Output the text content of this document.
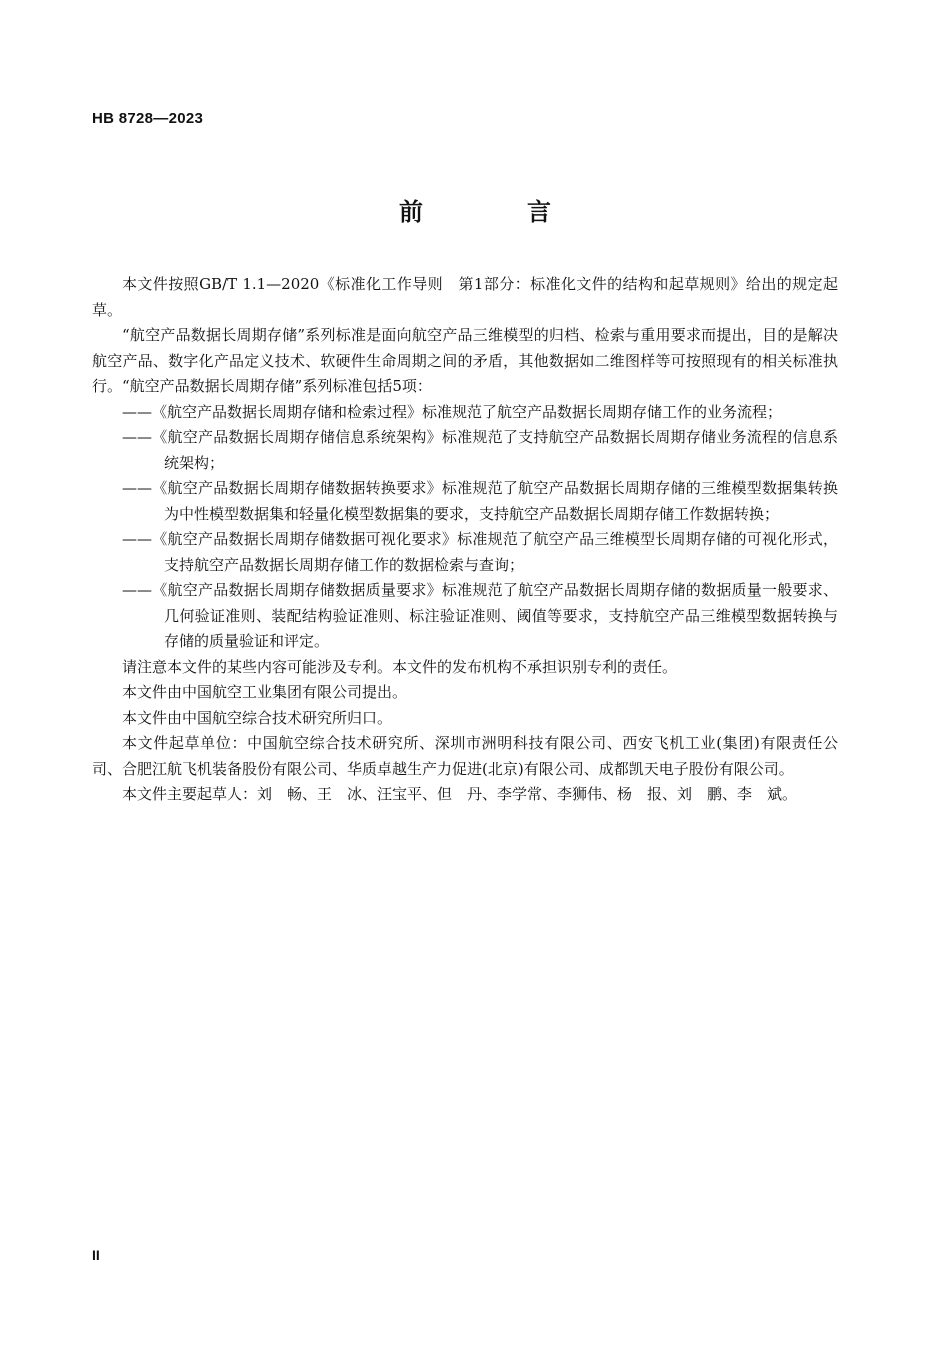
HB 8728—2023
前　言

本文件按照GB/T 1.1—2020《标准化工作导则　第1部分：标准化文件的结构和起草规则》给出的规定起草。

“航空产品数据长周期存储”系列标准是面向航空产品三维模型的归档、检索与重用要求而提出，目的是解决航空产品、数字化产品定义技术、软硬件生命周期之间的矛盾，其他数据如二维图样等可按照现有的相关标准执行。“航空产品数据长周期存储”系列标准包括5项：

——《航空产品数据长周期存储和检索过程》标准规范了航空产品数据长周期存储工作的业务流程；

——《航空产品数据长周期存储信息系统架构》标准规范了支持航空产品数据长周期存储业务流程的信息系统架构；

——《航空产品数据长周期存储数据转换要求》标准规范了航空产品数据长周期存储的三维模型数据集转换为中性模型数据集和轻量化模型数据集的要求，支持航空产品数据长周期存储工作数据转换；

——《航空产品数据长周期存储数据可视化要求》标准规范了航空产品三维模型长周期存储的可视化形式，支持航空产品数据长周期存储工作的数据检索与查询；

——《航空产品数据长周期存储数据质量要求》标准规范了航空产品数据长周期存储的数据质量一般要求、几何验证准则、装配结构验证准则、标注验证准则、阈值等要求，支持航空产品三维模型数据转换与存储的质量验证和评定。

请注意本文件的某些内容可能涉及专利。本文件的发布机构不承担识别专利的责任。

本文件由中国航空工业集团有限公司提出。

本文件由中国航空综合技术研究所归口。

本文件起草单位：中国航空综合技术研究所、深圳市洲明科技有限公司、西安飞机工业(集团)有限责任公司、合肥江航飞机装备股份有限公司、华质卓越生产力促进(北京)有限公司、成都凯天电子股份有限公司。

本文件主要起草人：刘　畅、王　冰、汪宝平、但　丹、李学常、李狮伟、杨　报、刘　鹏、李　斌。

II
